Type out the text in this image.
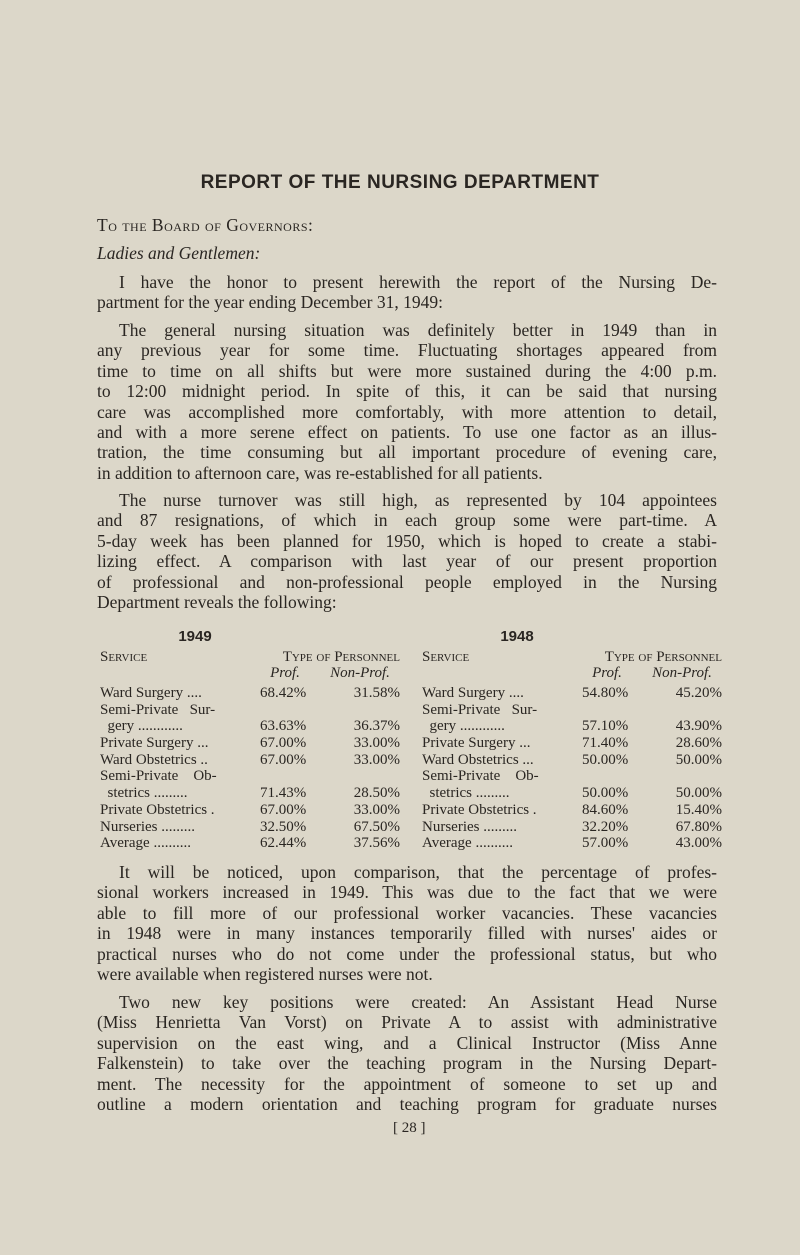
REPORT OF THE NURSING DEPARTMENT
To the Board of Governors:
Ladies and Gentlemen:
I have the honor to present herewith the report of the Nursing De-
partment for the year ending December 31, 1949:
The general nursing situation was definitely better in 1949 than in
any previous year for some time. Fluctuating shortages appeared from
time to time on all shifts but were more sustained during the 4:00 p.m.
to 12:00 midnight period. In spite of this, it can be said that nursing
care was accomplished more comfortably, with more attention to detail,
and with a more serene effect on patients. To use one factor as an illus-
tration, the time consuming but all important procedure of evening care,
in addition to afternoon care, was re-established for all patients.
The nurse turnover was still high, as represented by 104 appointees
and 87 resignations, of which in each group some were part-time. A
5-day week has been planned for 1950, which is hoped to create a stabi-
lizing effect. A comparison with last year of our present proportion
of professional and non-professional people employed in the Nursing
Department reveals the following:
1949
Service	Type of Personnel
Prof.	Non-Prof.
Ward Surgery ....	68.42%	31.58%
Semi-Private   Sur-
gery ............	63.63%	36.37%
Private Surgery ...	67.00%	33.00%
Ward Obstetrics ..	67.00%	33.00%
Semi-Private    Ob-
stetrics .........	71.43%	28.50%
Private Obstetrics .	67.00%	33.00%
Nurseries .........	32.50%	67.50%
Average ..........	62.44%	37.56%
1948
Service	Type of Personnel
Prof.	Non-Prof.
Ward Surgery ....	54.80%	45.20%
Semi-Private   Sur-
gery ............	57.10%	43.90%
Private Surgery ...	71.40%	28.60%
Ward Obstetrics ...	50.00%	50.00%
Semi-Private    Ob-
stetrics .........	50.00%	50.00%
Private Obstetrics .	84.60%	15.40%
Nurseries .........	32.20%	67.80%
Average ..........	57.00%	43.00%
It will be noticed, upon comparison, that the percentage of profes-
sional workers increased in 1949. This was due to the fact that we were
able to fill more of our professional worker vacancies. These vacancies
in 1948 were in many instances temporarily filled with nurses' aides or
practical nurses who do not come under the professional status, but who
were available when registered nurses were not.
Two new key positions were created: An Assistant Head Nurse
(Miss Henrietta Van Vorst) on Private A to assist with administrative
supervision on the east wing, and a Clinical Instructor (Miss Anne
Falkenstein) to take over the teaching program in the Nursing Depart-
ment. The necessity for the appointment of someone to set up and
outline a modern orientation and teaching program for graduate nurses
[ 28 ]
